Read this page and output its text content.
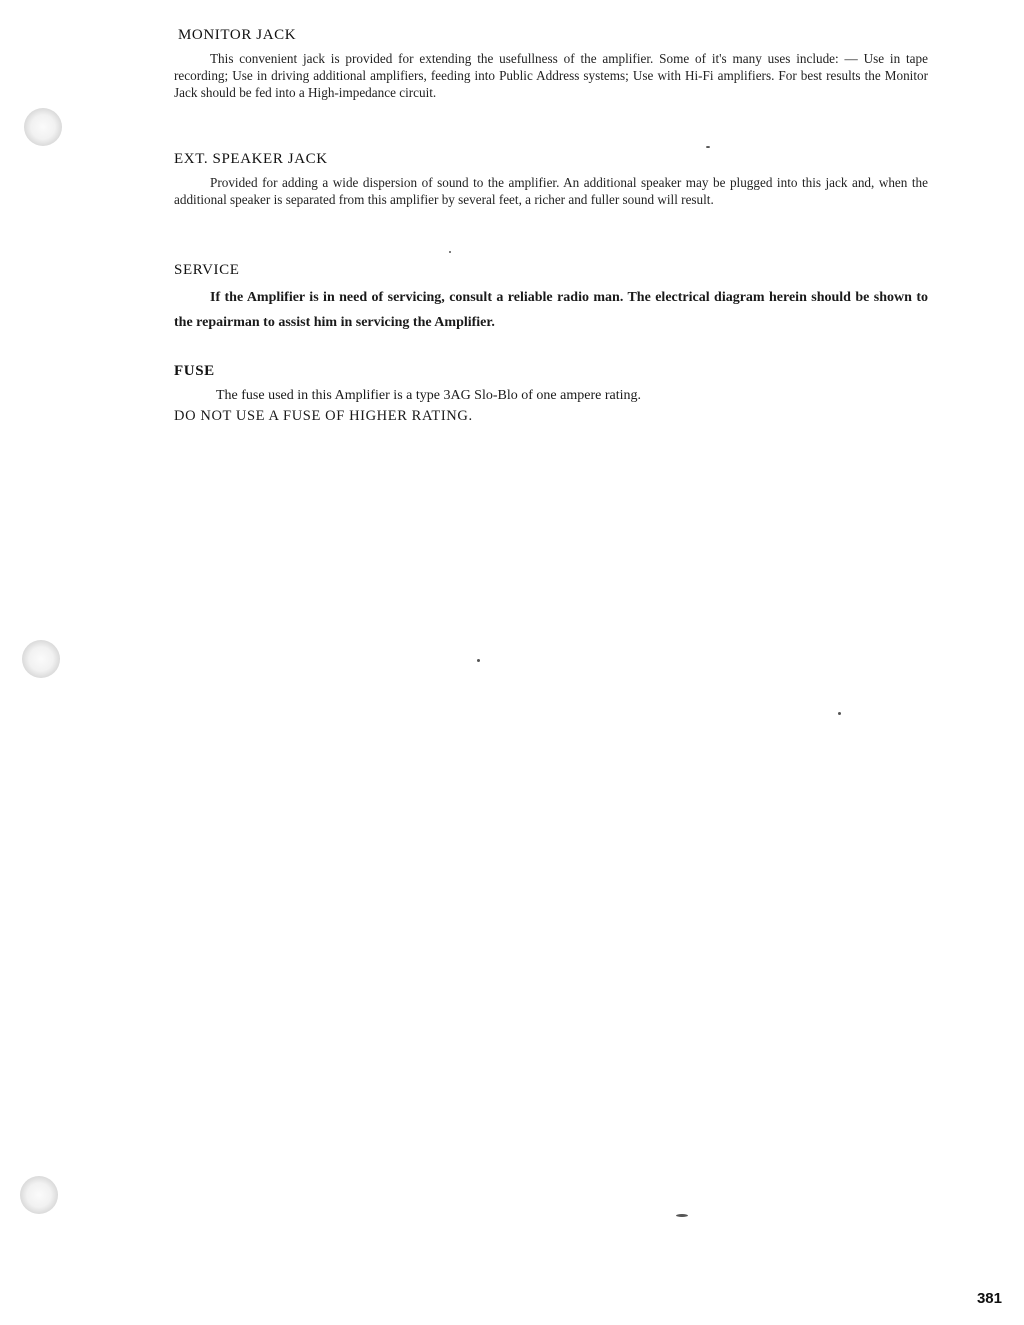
MONITOR JACK

This convenient jack is provided for extending the usefullness of the amplifier. Some of it's many uses include: — Use in tape recording; Use in driving additional amplifiers, feeding into Public Address systems; Use with Hi-Fi amplifiers. For best results the Monitor Jack should be fed into a High-impedance circuit.

EXT. SPEAKER JACK

Provided for adding a wide dispersion of sound to the amplifier. An additional speaker may be plugged into this jack and, when the additional speaker is separated from this amplifier by several feet, a richer and fuller sound will result.

SERVICE

If the Amplifier is in need of servicing, consult a reliable radio man. The electrical diagram herein should be shown to the repairman to assist him in servicing the Amplifier.

FUSE

The fuse used in this Amplifier is a type 3AG Slo-Blo of one ampere rating.

DO NOT USE A FUSE OF HIGHER RATING.

381
